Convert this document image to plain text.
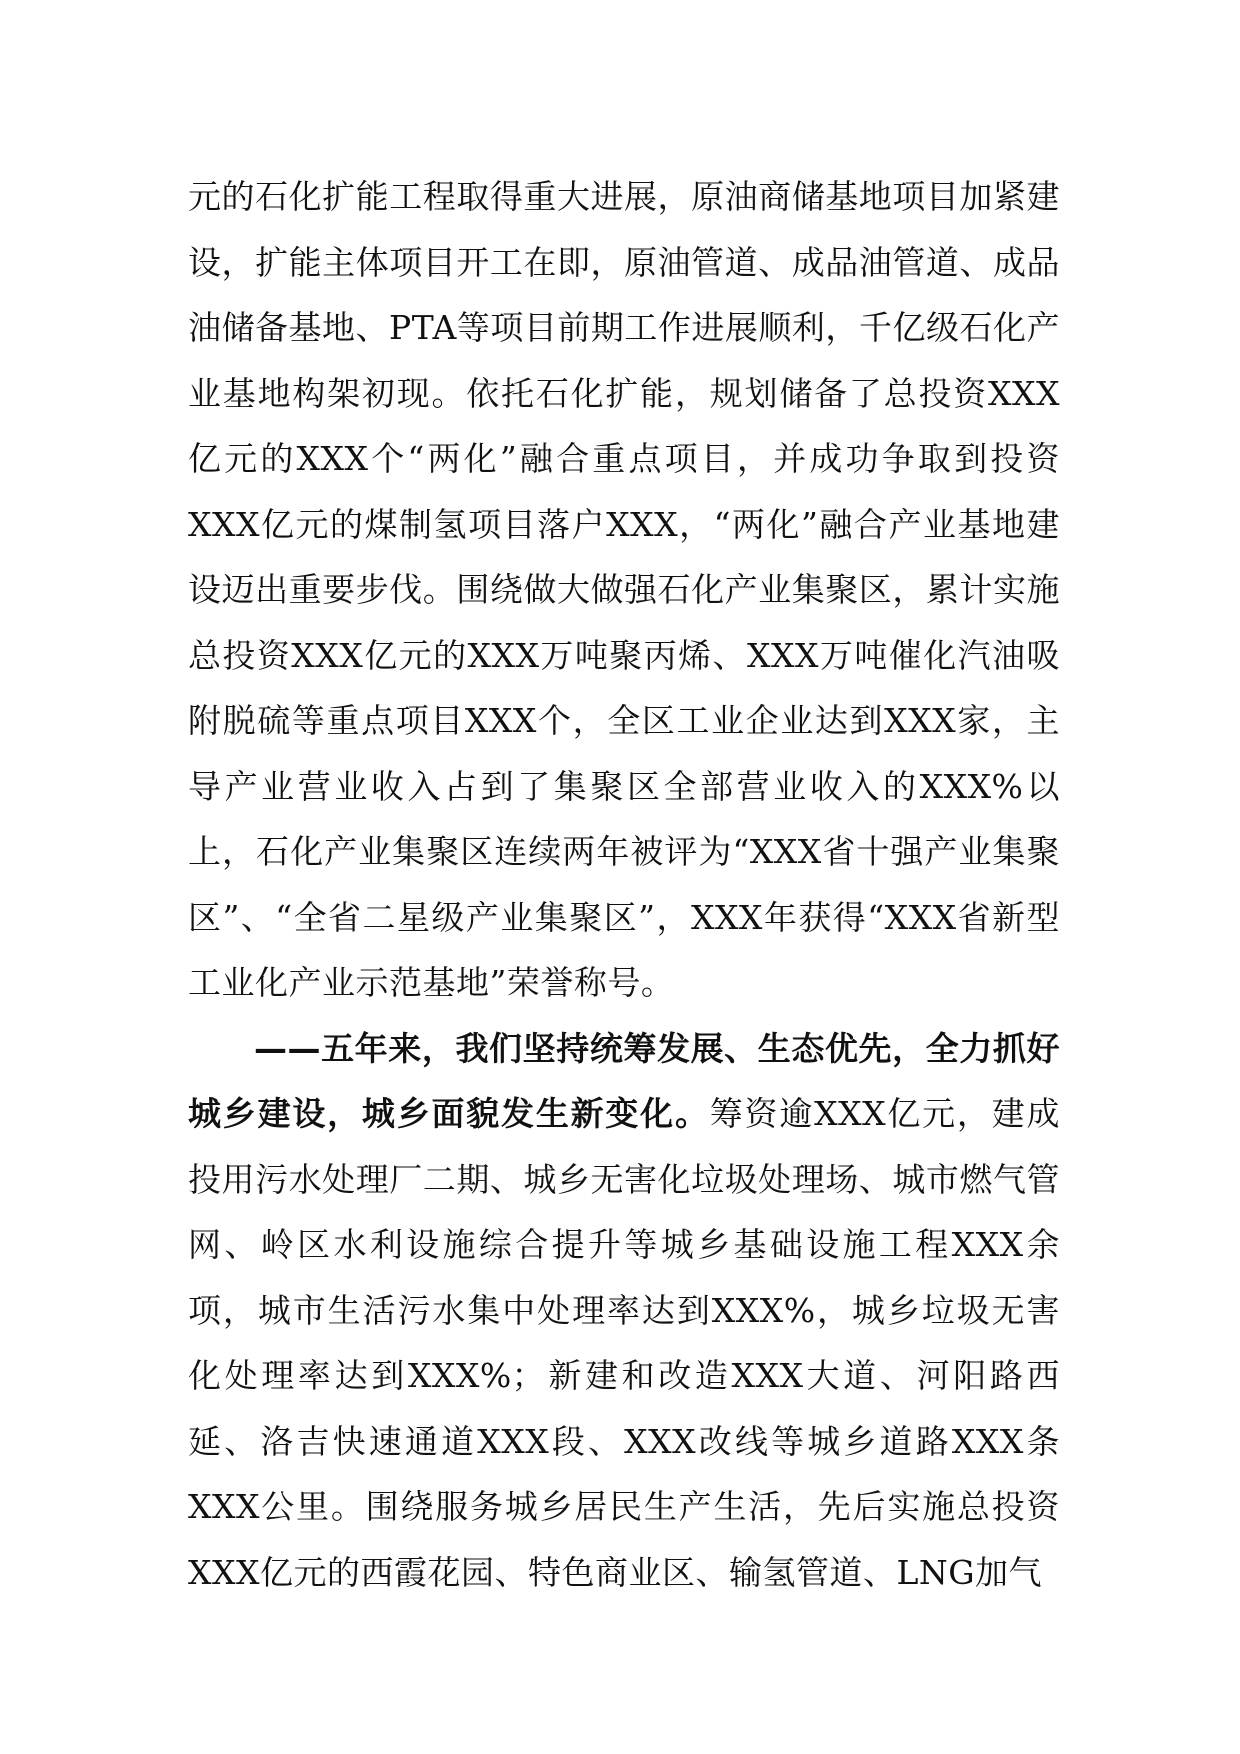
元的石化扩能工程取得重大进展，原油商储基地项目加紧建设，扩能主体项目开工在即，原油管道、成品油管道、成品油储备基地、PTA等项目前期工作进展顺利，千亿级石化产业基地构架初现。依托石化扩能，规划储备了总投资XXX亿元的XXX个“两化”融合重点项目，并成功争取到投资XXX亿元的煤制氢项目落户XXX，“两化”融合产业基地建设迈出重要步伐。围绕做大做强石化产业集聚区，累计实施总投资XXX亿元的XXX万吨聚丙烯、XXX万吨催化汽油吸附脱硫等重点项目XXX个，全区工业企业达到XXX家，主导产业营业收入占到了集聚区全部营业收入的XXX%以上，石化产业集聚区连续两年被评为“XXX省十强产业集聚区”、“全省二星级产业集聚区”，XXX年获得“XXX省新型工业化产业示范基地”荣誉称号。

——五年来，我们坚持统筹发展、生态优先，全力抓好城乡建设，城乡面貌发生新变化。筹资逾XXX亿元，建成投用污水处理厂二期、城乡无害化垃圾处理场、城市燃气管网、岭区水利设施综合提升等城乡基础设施工程XXX余项，城市生活污水集中处理率达到XXX%，城乡垃圾无害化处理率达到XXX%；新建和改造XXX大道、河阳路西延、洛吉快速通道XXX段、XXX改线等城乡道路XXX条XXX公里。围绕服务城乡居民生产生活，先后实施总投资XXX亿元的西霞花园、特色商业区、输氢管道、LNG加气
